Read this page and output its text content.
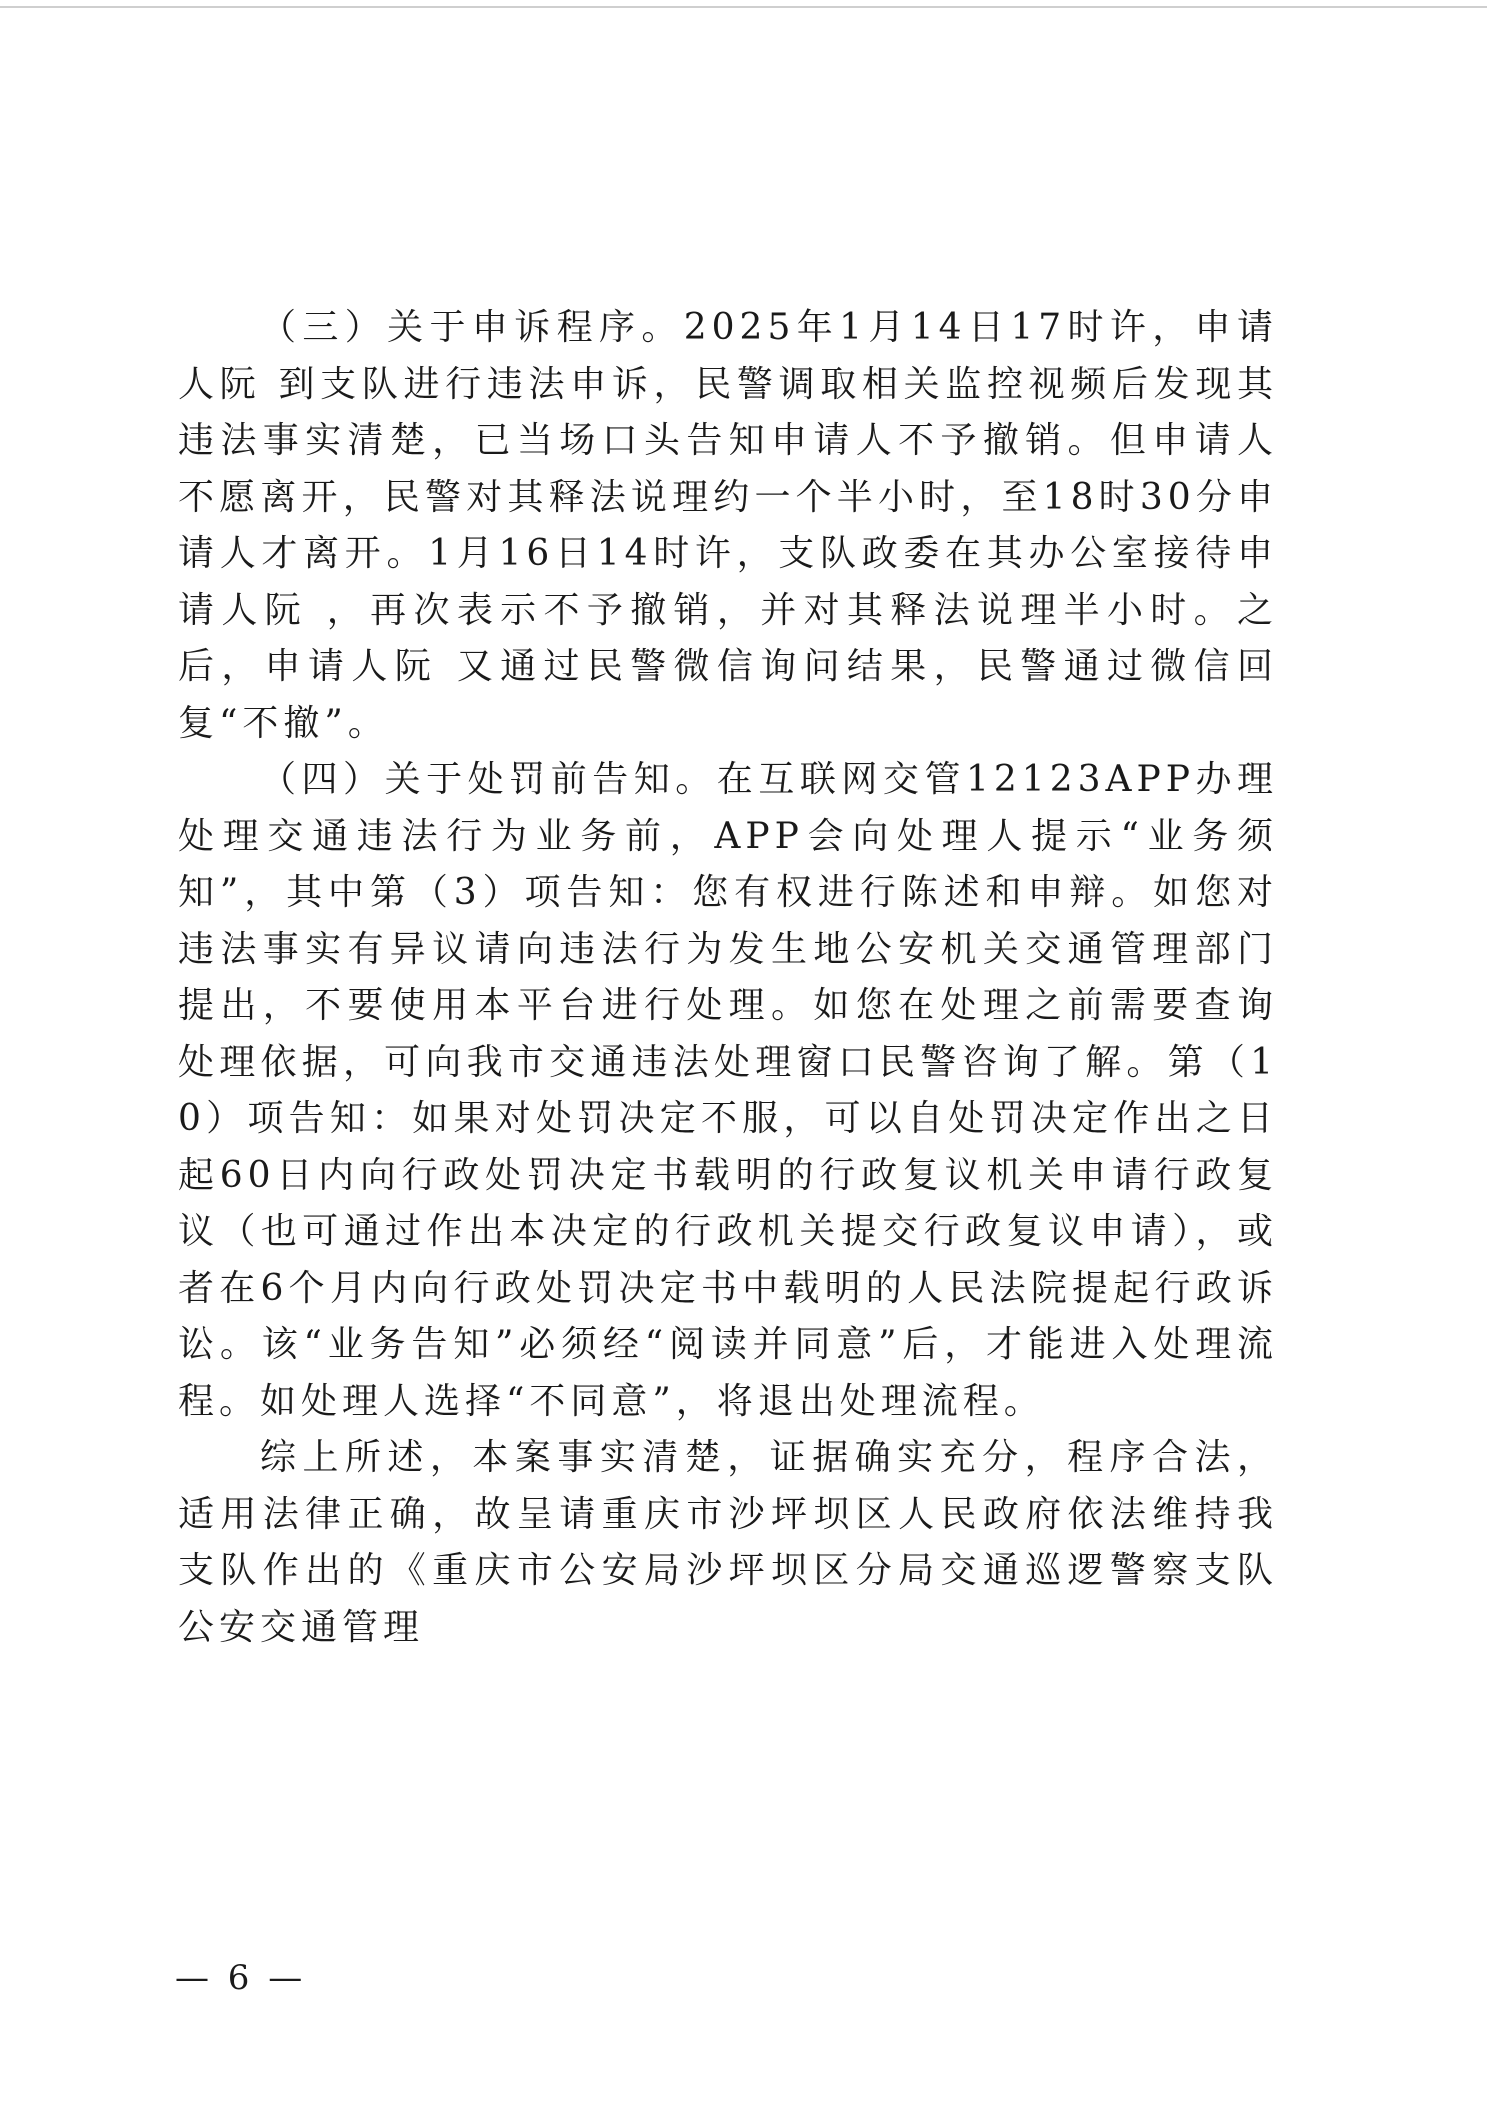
（三）关于申诉程序。2025年1月14日17时许，申请人阮 到支队进行违法申诉，民警调取相关监控视频后发现其违法事实清楚，已当场口头告知申请人不予撤销。但申请人不愿离开，民警对其释法说理约一个半小时，至18时30分申请人才离开。1月16日14时许，支队政委在其办公室接待申请人阮 ，再次表示不予撤销，并对其释法说理半小时。之后，申请人阮 又通过民警微信询问结果，民警通过微信回复“不撤”。

（四）关于处罚前告知。在互联网交管12123APP办理处理交通违法行为业务前，APP会向处理人提示“业务须知”，其中第（3）项告知：您有权进行陈述和申辩。如您对违法事实有异议请向违法行为发生地公安机关交通管理部门提出，不要使用本平台进行处理。如您在处理之前需要查询处理依据，可向我市交通违法处理窗口民警咨询了解。第（10）项告知：如果对处罚决定不服，可以自处罚决定作出之日起60日内向行政处罚决定书载明的行政复议机关申请行政复议（也可通过作出本决定的行政机关提交行政复议申请），或者在6个月内向行政处罚决定书中载明的人民法院提起行政诉讼。该“业务告知”必须经“阅读并同意”后，才能进入处理流程。如处理人选择“不同意”，将退出处理流程。

综上所述，本案事实清楚，证据确实充分，程序合法，适用法律正确，故呈请重庆市沙坪坝区人民政府依法维持我支队作出的《重庆市公安局沙坪坝区分局交通巡逻警察支队公安交通管理

— 6 —
